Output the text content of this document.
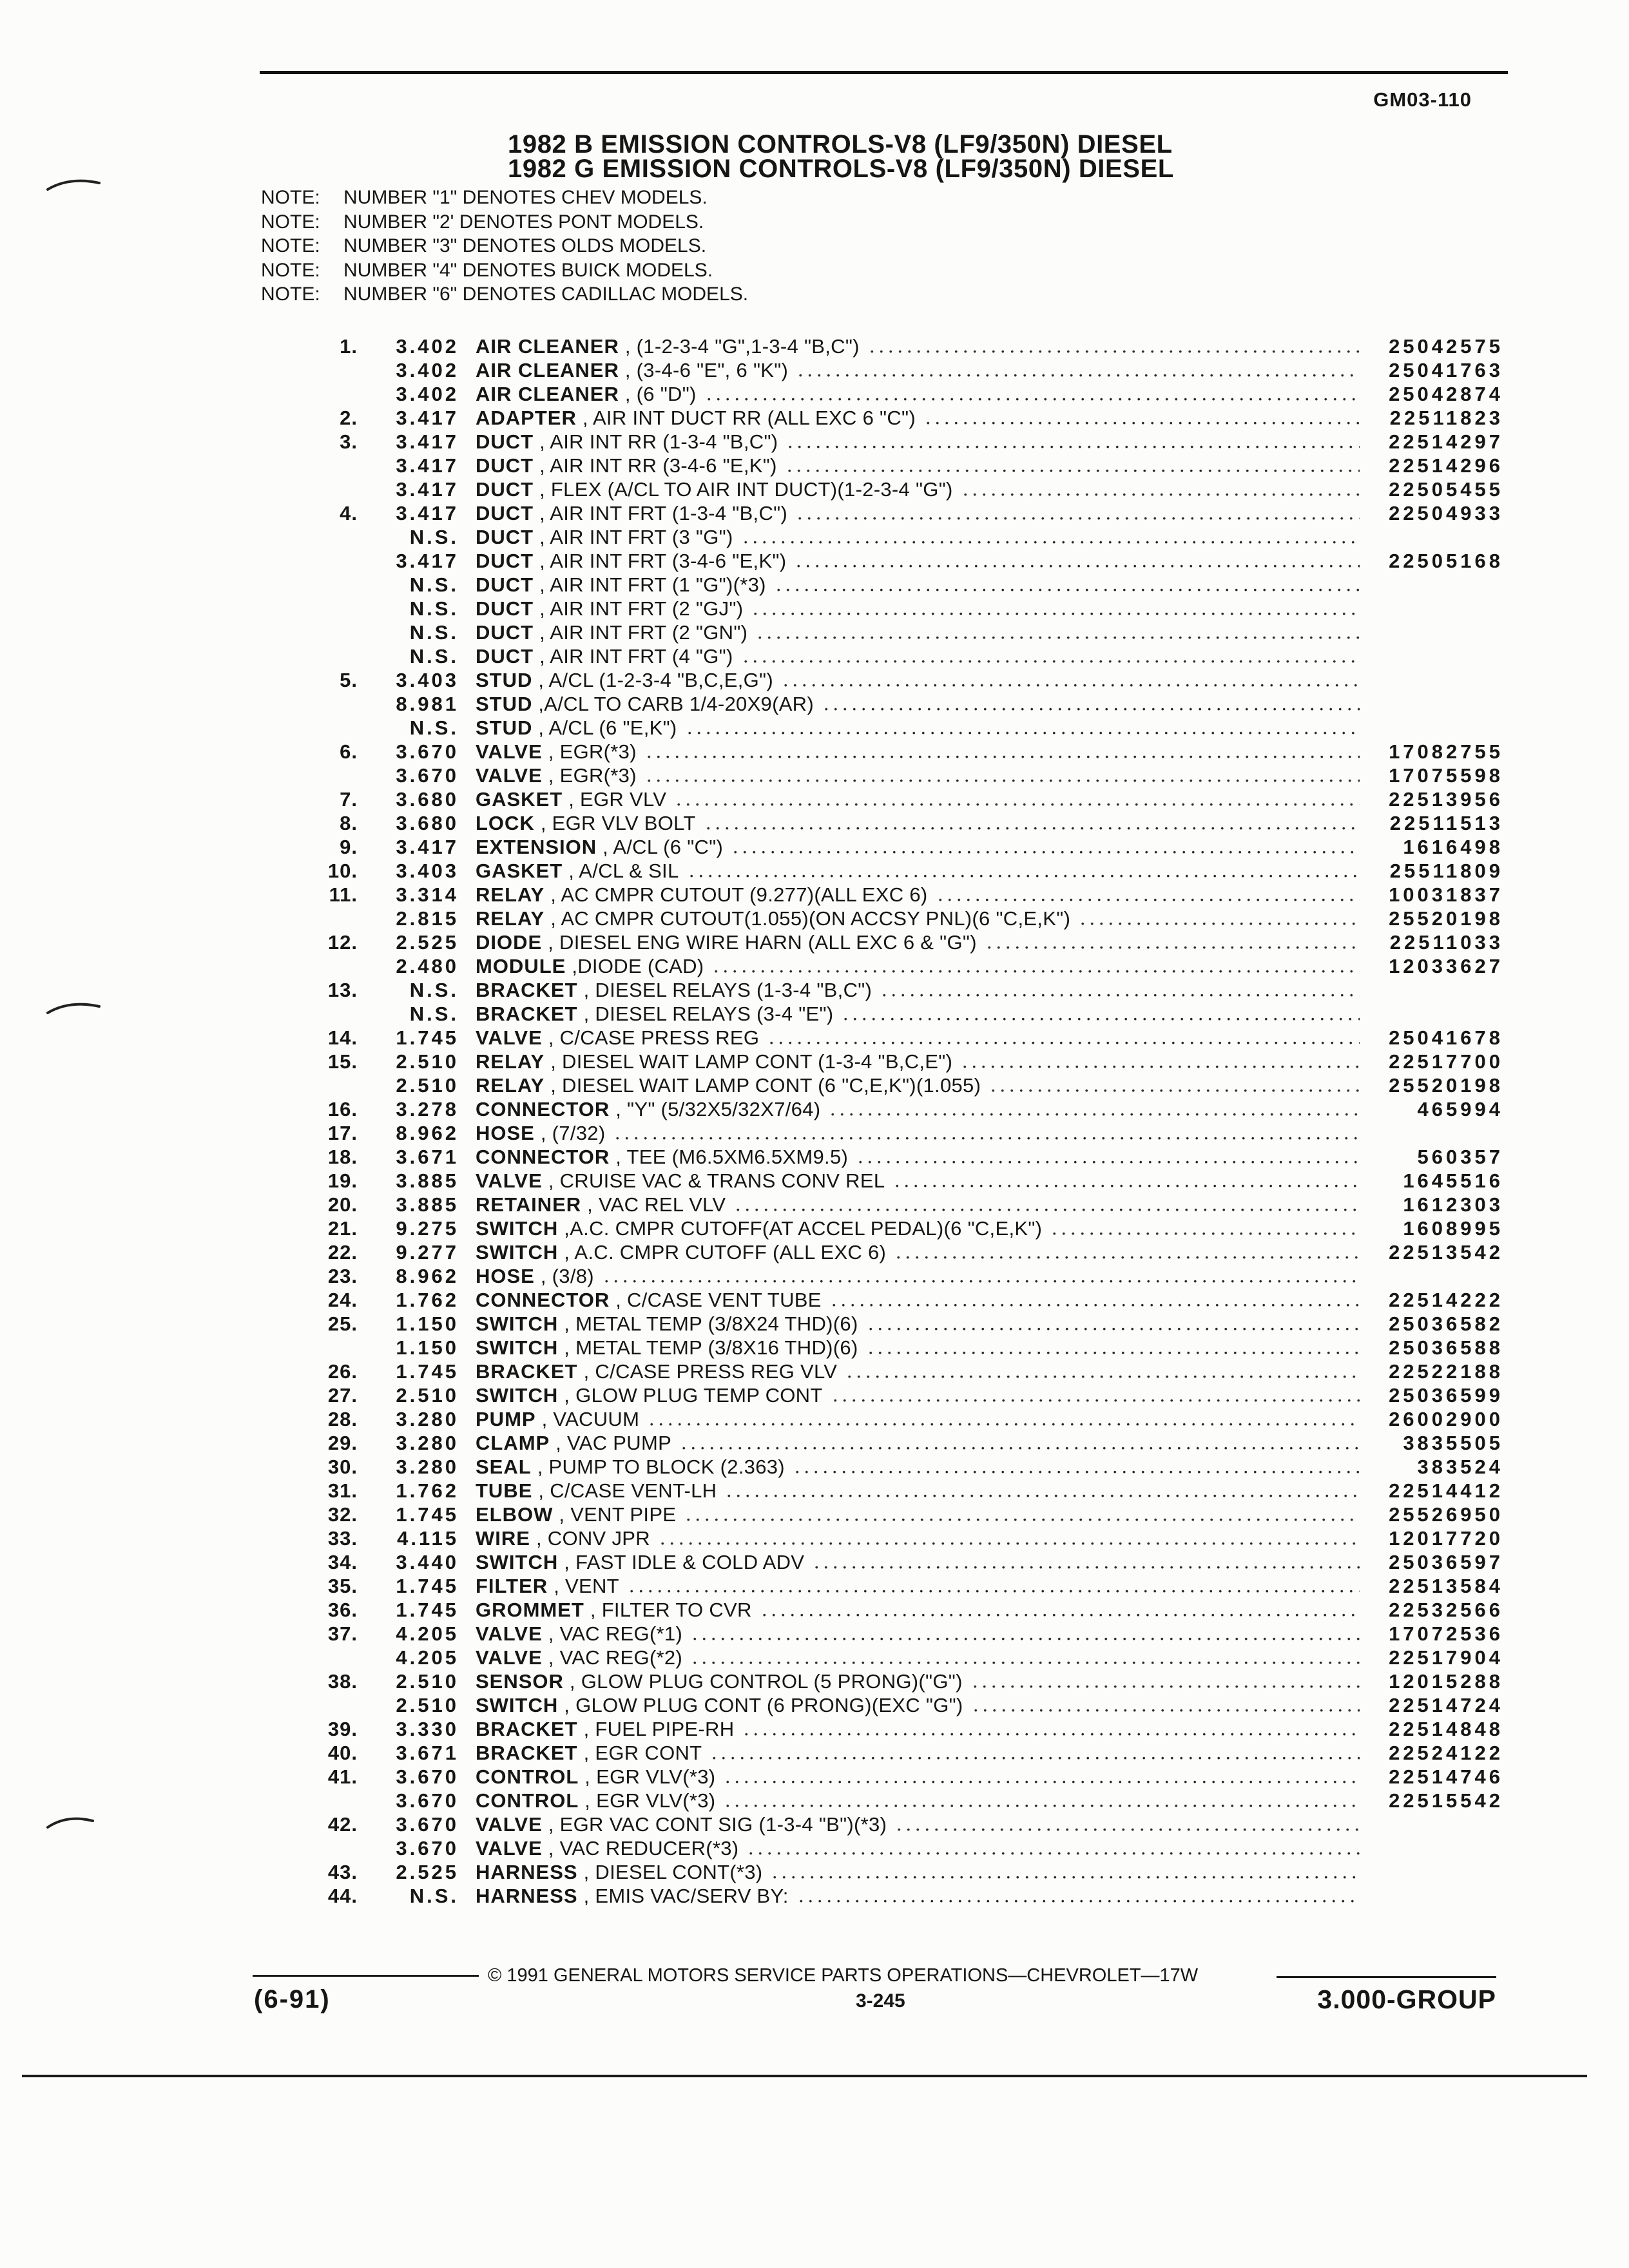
GM03-110
1982 B EMISSION CONTROLS-V8 (LF9/350N) DIESEL
1982 G EMISSION CONTROLS-V8 (LF9/350N) DIESEL
NOTE:	NUMBER "1" DENOTES CHEV MODELS.
NOTE:	NUMBER "2' DENOTES PONT MODELS.
NOTE:	NUMBER "3" DENOTES OLDS MODELS.
NOTE:	NUMBER "4" DENOTES BUICK MODELS.
NOTE:	NUMBER "6" DENOTES CADILLAC MODELS.
1.	3.402 AIR CLEANER , (1-2-3-4 "G",1-3-4 "B,C")	25042575
3.402 AIR CLEANER , (3-4-6 "E", 6 "K")	25041763
3.402 AIR CLEANER , (6 "D")	25042874
2.	3.417 ADAPTER , AIR INT DUCT RR (ALL EXC 6 "C")	22511823
3.	3.417 DUCT , AIR INT RR (1-3-4 "B,C")	22514297
3.417 DUCT , AIR INT RR (3-4-6 "E,K")	22514296
3.417 DUCT , FLEX (A/CL TO AIR INT DUCT)(1-2-3-4 "G")	22505455
4.	3.417 DUCT , AIR INT FRT (1-3-4 "B,C")	22504933
N.S. DUCT , AIR INT FRT (3 "G")
3.417 DUCT , AIR INT FRT (3-4-6 "E,K")	22505168
N.S. DUCT , AIR INT FRT (1 "G")(*3)
N.S. DUCT , AIR INT FRT (2 "GJ")
N.S. DUCT , AIR INT FRT (2 "GN")
N.S. DUCT , AIR INT FRT (4 "G")
5.	3.403 STUD , A/CL (1-2-3-4 "B,C,E,G")
8.981 STUD ,A/CL TO CARB 1/4-20X9(AR)
N.S. STUD , A/CL (6 "E,K")
6.	3.670 VALVE , EGR(*3)	17082755
3.670 VALVE , EGR(*3)	17075598
7.	3.680 GASKET , EGR VLV	22513956
8.	3.680 LOCK , EGR VLV BOLT	22511513
9.	3.417 EXTENSION , A/CL (6 "C")	1616498
10.	3.403 GASKET , A/CL & SIL	25511809
11.	3.314 RELAY , AC CMPR CUTOUT (9.277)(ALL EXC 6)	10031837
2.815 RELAY , AC CMPR CUTOUT(1.055)(ON ACCSY PNL)(6 "C,E,K")	25520198
12.	2.525 DIODE , DIESEL ENG WIRE HARN (ALL EXC 6 & "G")	22511033
2.480 MODULE ,DIODE (CAD)	12033627
13.	N.S. BRACKET , DIESEL RELAYS (1-3-4 "B,C")
N.S. BRACKET , DIESEL RELAYS (3-4 "E")
14.	1.745 VALVE , C/CASE PRESS REG	25041678
15.	2.510 RELAY , DIESEL WAIT LAMP CONT (1-3-4 "B,C,E")	22517700
2.510 RELAY , DIESEL WAIT LAMP CONT (6 "C,E,K")(1.055)	25520198
16.	3.278 CONNECTOR , "Y" (5/32X5/32X7/64)	465994
17.	8.962 HOSE , (7/32)
18.	3.671 CONNECTOR , TEE (M6.5XM6.5XM9.5)	560357
19.	3.885 VALVE , CRUISE VAC & TRANS CONV REL	1645516
20.	3.885 RETAINER , VAC REL VLV	1612303
21.	9.275 SWITCH ,A.C. CMPR CUTOFF(AT ACCEL PEDAL)(6 "C,E,K")	1608995
22.	9.277 SWITCH , A.C. CMPR CUTOFF (ALL EXC 6)	22513542
23.	8.962 HOSE , (3/8)
24.	1.762 CONNECTOR , C/CASE VENT TUBE	22514222
25.	1.150 SWITCH , METAL TEMP (3/8X24 THD)(6)	25036582
1.150 SWITCH , METAL TEMP (3/8X16 THD)(6)	25036588
26.	1.745 BRACKET , C/CASE PRESS REG VLV	22522188
27.	2.510 SWITCH , GLOW PLUG TEMP CONT	25036599
28.	3.280 PUMP , VACUUM	26002900
29.	3.280 CLAMP , VAC PUMP	3835505
30.	3.280 SEAL , PUMP TO BLOCK (2.363)	383524
31.	1.762 TUBE , C/CASE VENT-LH	22514412
32.	1.745 ELBOW , VENT PIPE	25526950
33.	4.115 WIRE , CONV JPR	12017720
34.	3.440 SWITCH , FAST IDLE & COLD ADV	25036597
35.	1.745 FILTER , VENT	22513584
36.	1.745 GROMMET , FILTER TO CVR	22532566
37.	4.205 VALVE , VAC REG(*1)	17072536
4.205 VALVE , VAC REG(*2)	22517904
38.	2.510 SENSOR , GLOW PLUG CONTROL (5 PRONG)("G")	12015288
2.510 SWITCH , GLOW PLUG CONT (6 PRONG)(EXC "G")	22514724
39.	3.330 BRACKET , FUEL PIPE-RH	22514848
40.	3.671 BRACKET , EGR CONT	22524122
41.	3.670 CONTROL , EGR VLV(*3)	22514746
3.670 CONTROL , EGR VLV(*3)	22515542
42.	3.670 VALVE , EGR VAC CONT SIG (1-3-4 "B")(*3)
3.670 VALVE , VAC REDUCER(*3)
43.	2.525 HARNESS , DIESEL CONT(*3)
44.	N.S. HARNESS , EMIS VAC/SERV BY:
© 1991 GENERAL MOTORS SERVICE PARTS OPERATIONS—CHEVROLET—17W
(6-91)	3-245	3.000-GROUP
